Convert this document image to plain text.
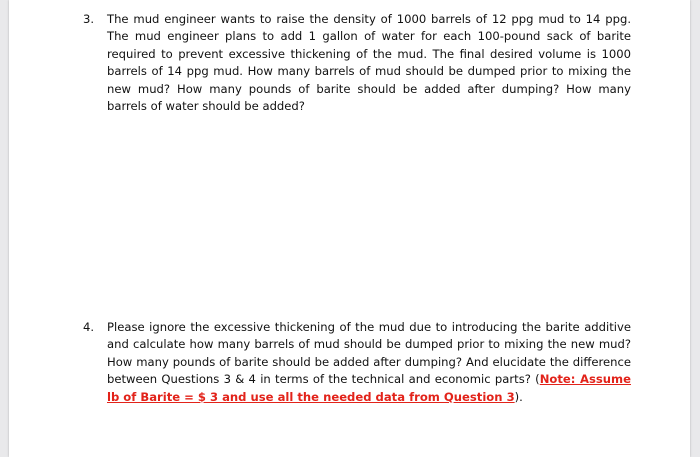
3.	The mud engineer wants to raise the density of 1000 barrels of 12 ppg mud to 14 ppg. The mud engineer plans to add 1 gallon of water for each 100-pound sack of barite required to prevent excessive thickening of the mud. The final desired volume is 1000 barrels of 14 ppg mud. How many barrels of mud should be dumped prior to mixing the new mud? How many pounds of barite should be added after dumping? How many barrels of water should be added?
4.	Please ignore the excessive thickening of the mud due to introducing the barite additive and calculate how many barrels of mud should be dumped prior to mixing the new mud? How many pounds of barite should be added after dumping? And elucidate the difference between Questions 3 & 4 in terms of the technical and economic parts? (Note: Assume lb of Barite = $ 3 and use all the needed data from Question 3).
